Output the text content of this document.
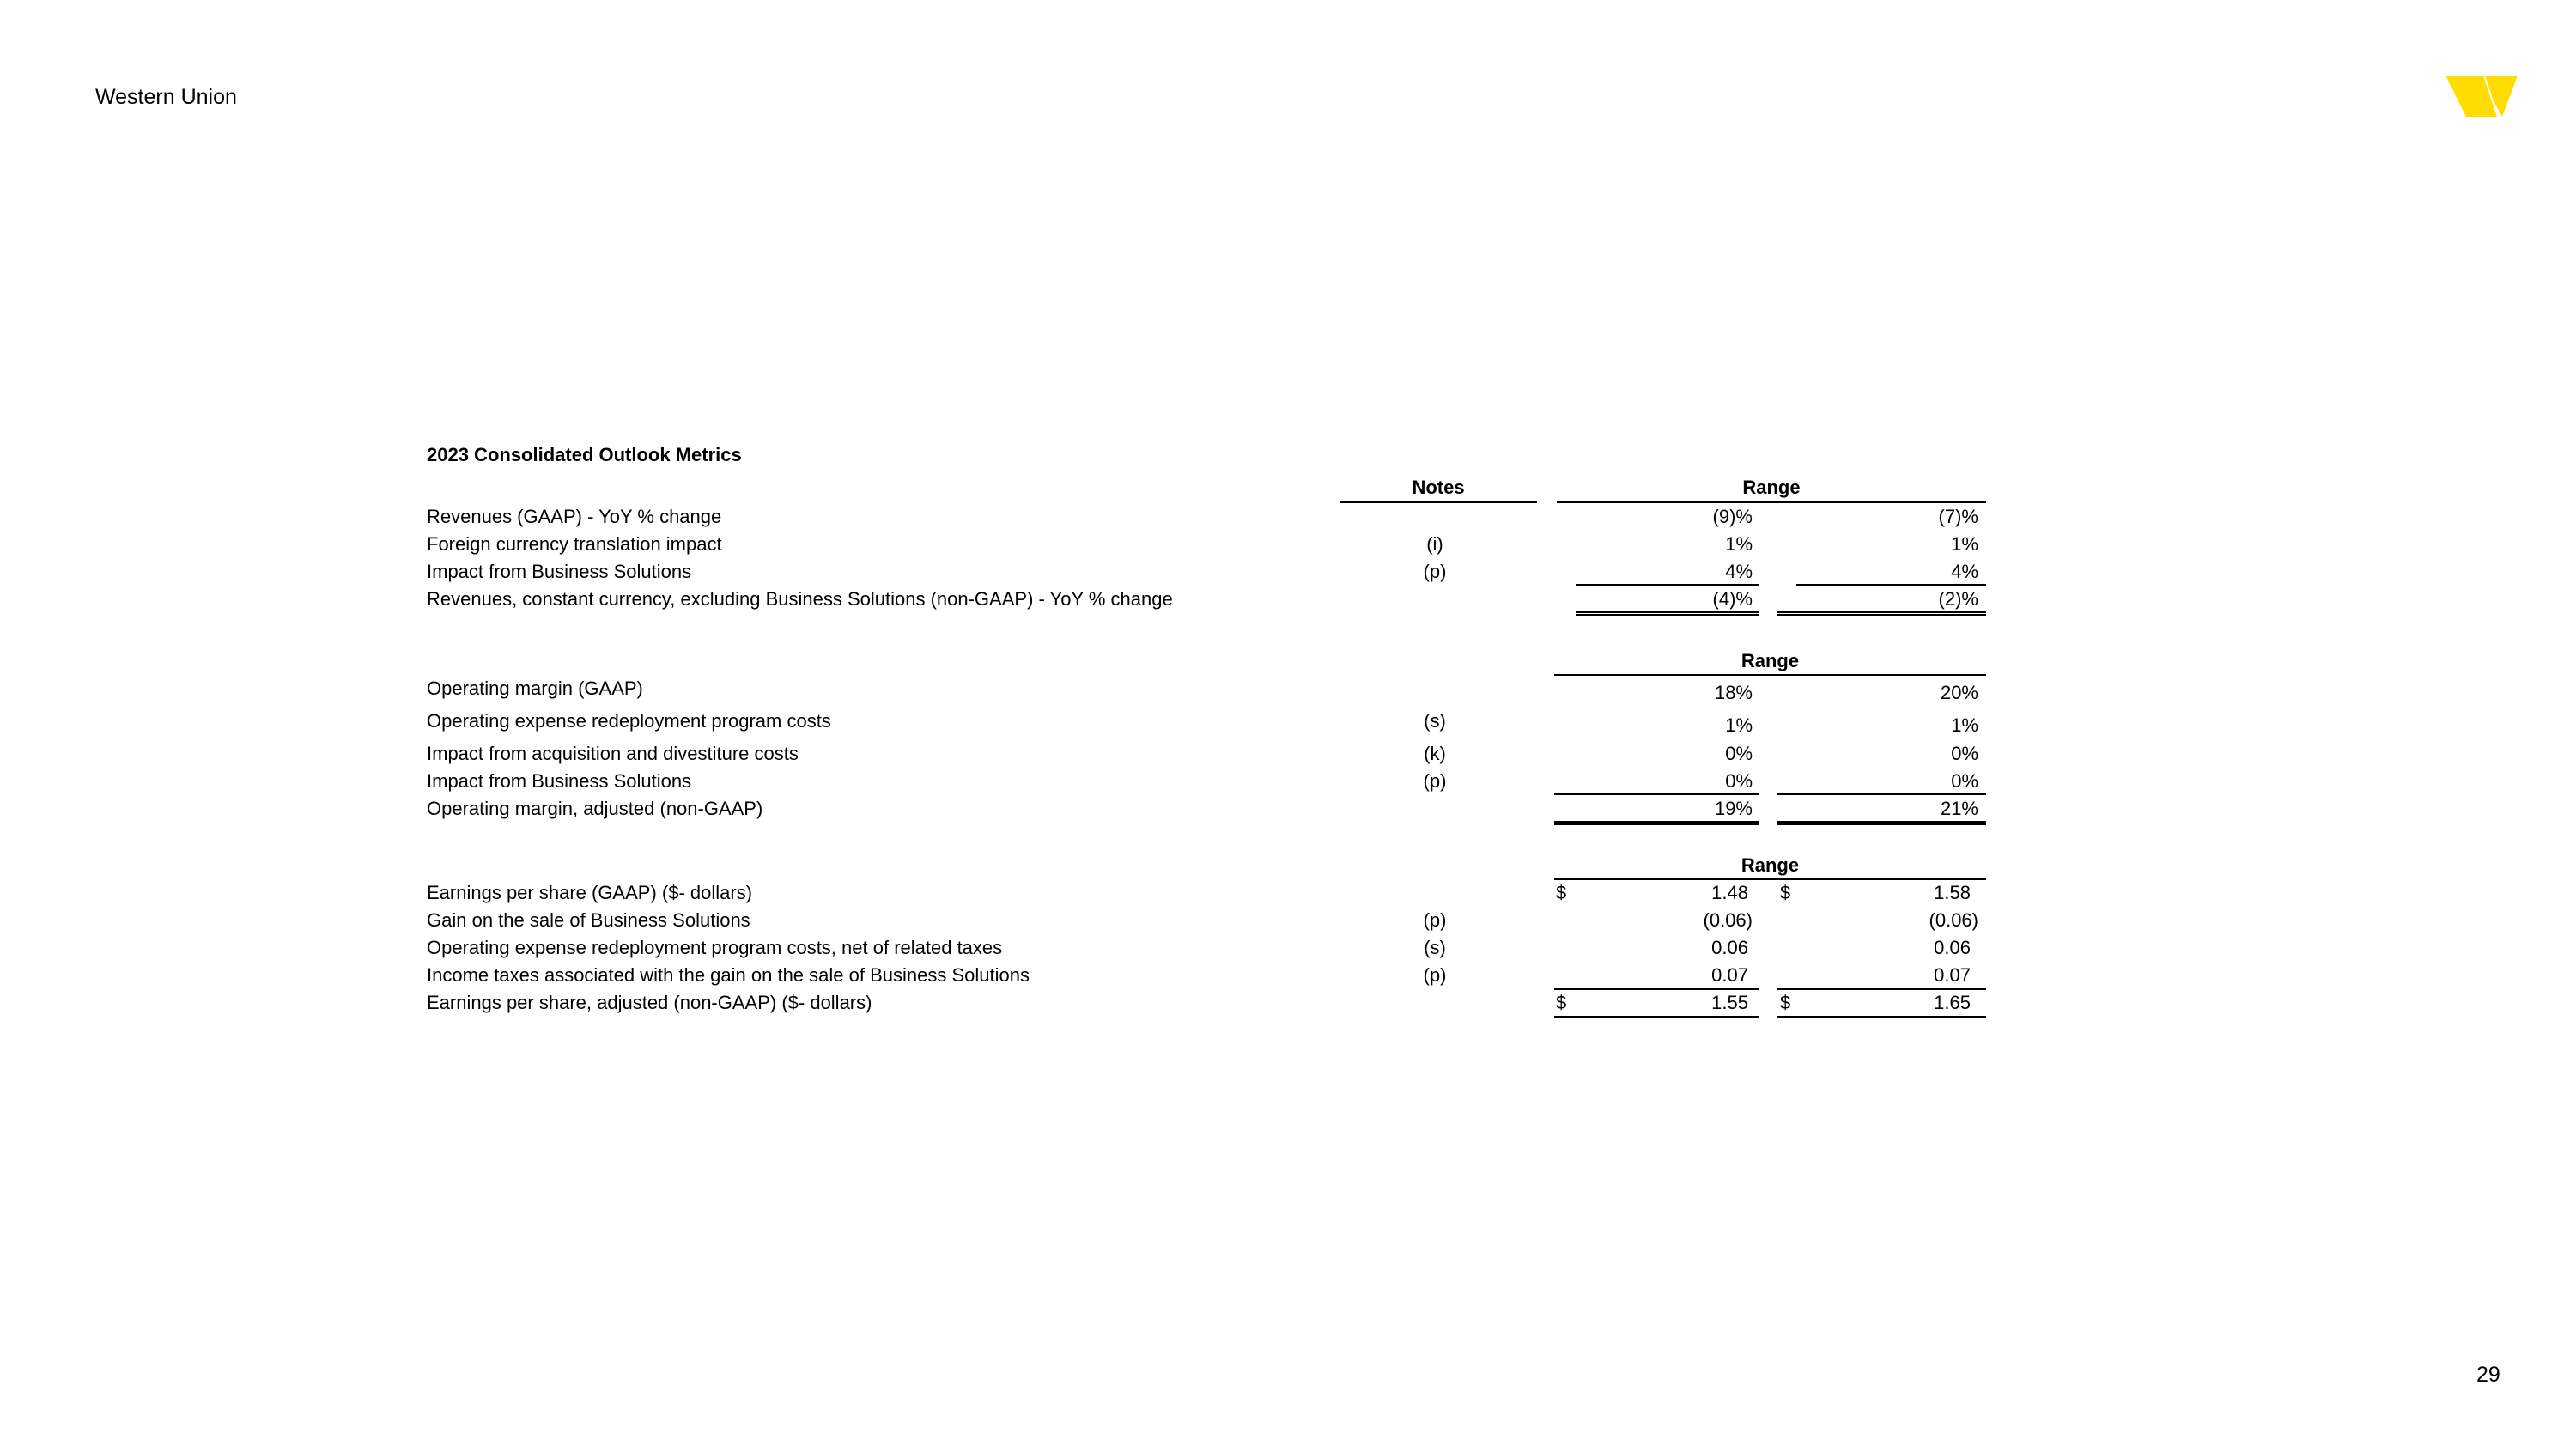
Western Union
2023 Consolidated Outlook Metrics
Notes	Range
Revenues (GAAP) - YoY % change	(9)%	(7)%
Foreign currency translation impact	(i)	1%	1%
Impact from Business Solutions	(p)	4%	4%
Revenues, constant currency, excluding Business Solutions (non-GAAP) - YoY % change	(4)%	(2)%
Range
Operating margin (GAAP)	18%	20%
Operating expense redeployment program costs	(s)	1%	1%
Impact from acquisition and divestiture costs	(k)	0%	0%
Impact from Business Solutions	(p)	0%	0%
Operating margin, adjusted (non-GAAP)	19%	21%
Range
Earnings per share (GAAP) ($- dollars)	$	1.48 $	1.58
Gain on the sale of Business Solutions	(p)	(0.06)	(0.06)
Operating expense redeployment program costs, net of related taxes	(s)	0.06	0.06
Income taxes associated with the gain on the sale of Business Solutions	(p)	0.07	0.07
Earnings per share, adjusted (non-GAAP) ($- dollars)	$	1.55 $	1.65
29
